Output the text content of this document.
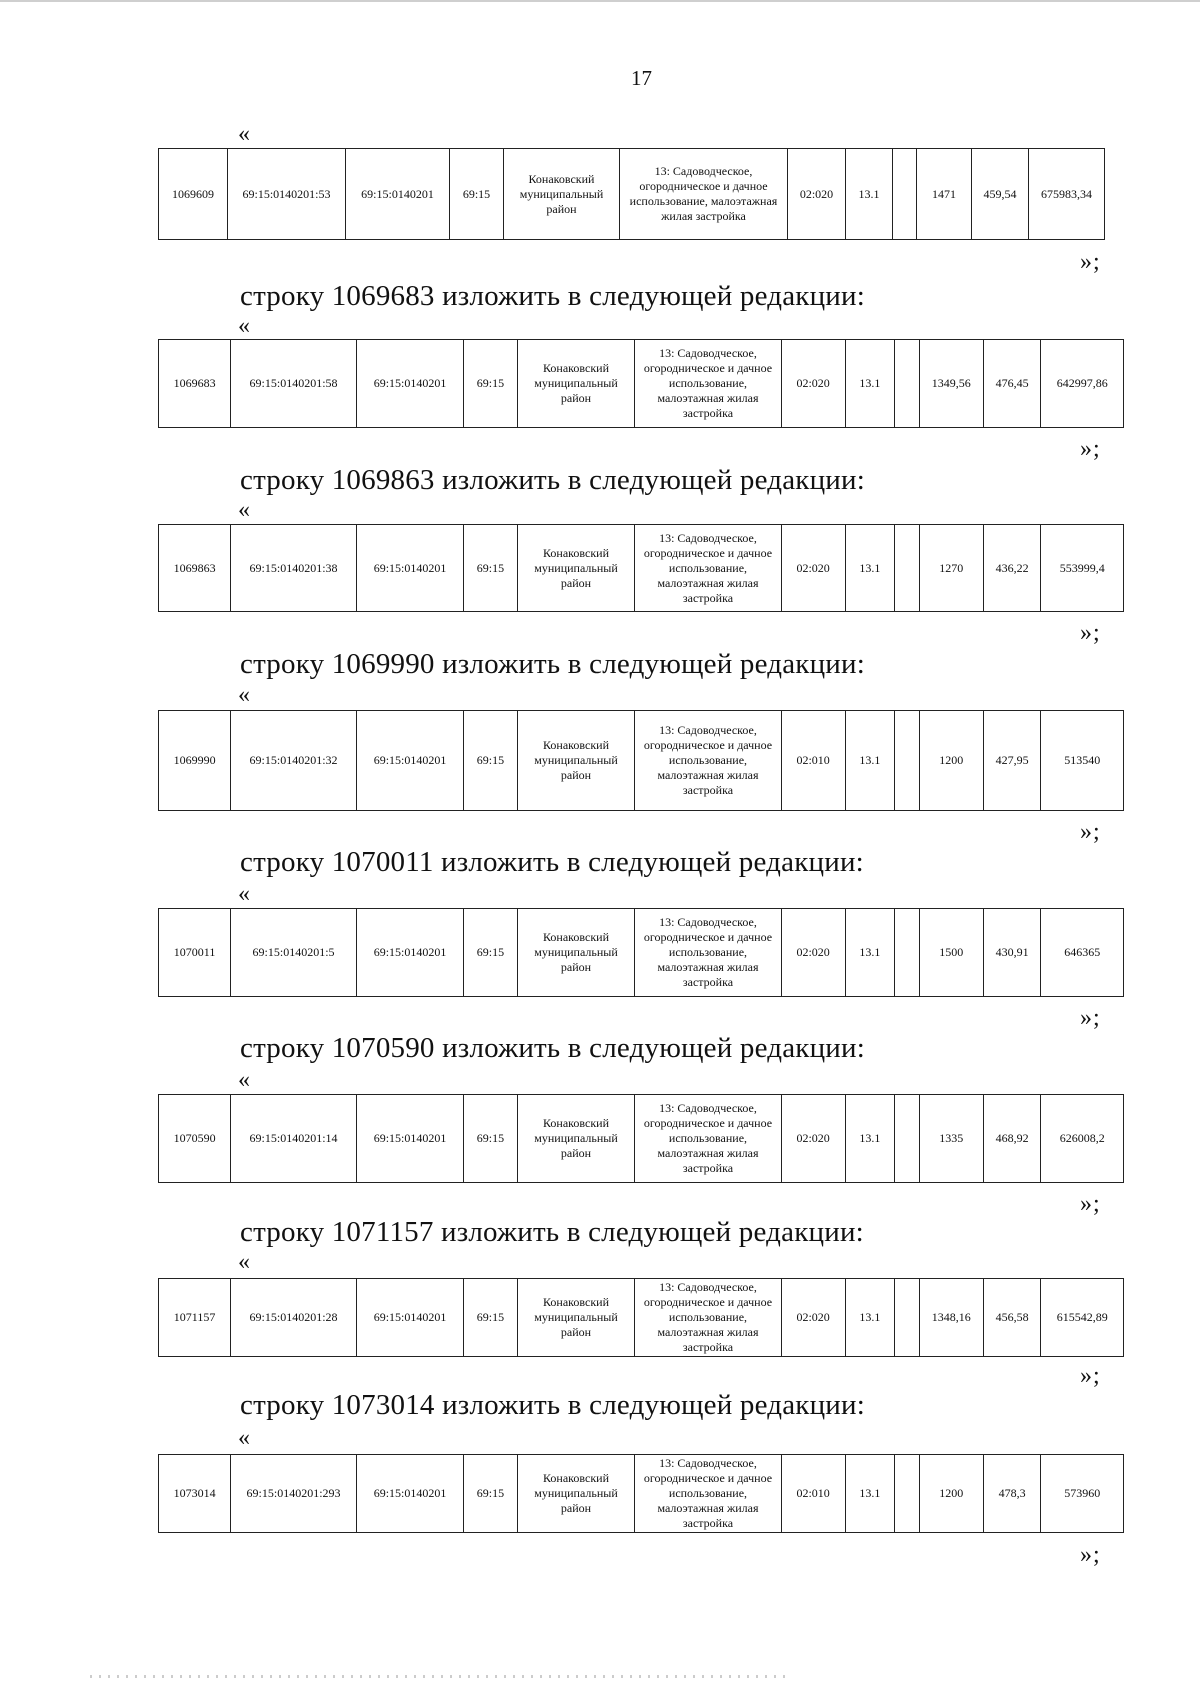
17
«
1069609	69:15:0140201:53	69:15:0140201	69:15	Конаковский муниципальный район	13: Садоводческое, огородническое и дачное использование, малоэтажная жилая застройка	02:020	13.1		1471	459,54	675983,34
»;
строку 1069683 изложить в следующей редакции:
«
1069683	69:15:0140201:58	69:15:0140201	69:15	Конаковский муниципальный район	13: Садоводческое, огородническое и дачное использование, малоэтажная жилая застройка	02:020	13.1		1349,56	476,45	642997,86
»;
строку 1069863 изложить в следующей редакции:
«
1069863	69:15:0140201:38	69:15:0140201	69:15	Конаковский муниципальный район	13: Садоводческое, огородническое и дачное использование, малоэтажная жилая застройка	02:020	13.1		1270	436,22	553999,4
»;
строку 1069990 изложить в следующей редакции:
«
1069990	69:15:0140201:32	69:15:0140201	69:15	Конаковский муниципальный район	13: Садоводческое, огородническое и дачное использование, малоэтажная жилая застройка	02:010	13.1		1200	427,95	513540
»;
строку 1070011 изложить в следующей редакции:
«
1070011	69:15:0140201:5	69:15:0140201	69:15	Конаковский муниципальный район	13: Садоводческое, огородническое и дачное использование, малоэтажная жилая застройка	02:020	13.1		1500	430,91	646365
»;
строку 1070590 изложить в следующей редакции:
«
1070590	69:15:0140201:14	69:15:0140201	69:15	Конаковский муниципальный район	13: Садоводческое, огородническое и дачное использование, малоэтажная жилая застройка	02:020	13.1		1335	468,92	626008,2
»;
строку 1071157 изложить в следующей редакции:
«
1071157	69:15:0140201:28	69:15:0140201	69:15	Конаковский муниципальный район	13: Садоводческое, огородническое и дачное использование, малоэтажная жилая застройка	02:020	13.1		1348,16	456,58	615542,89
»;
строку 1073014 изложить в следующей редакции:
«
1073014	69:15:0140201:293	69:15:0140201	69:15	Конаковский муниципальный район	13: Садоводческое, огородническое и дачное использование, малоэтажная жилая застройка	02:010	13.1		1200	478,3	573960
»;
